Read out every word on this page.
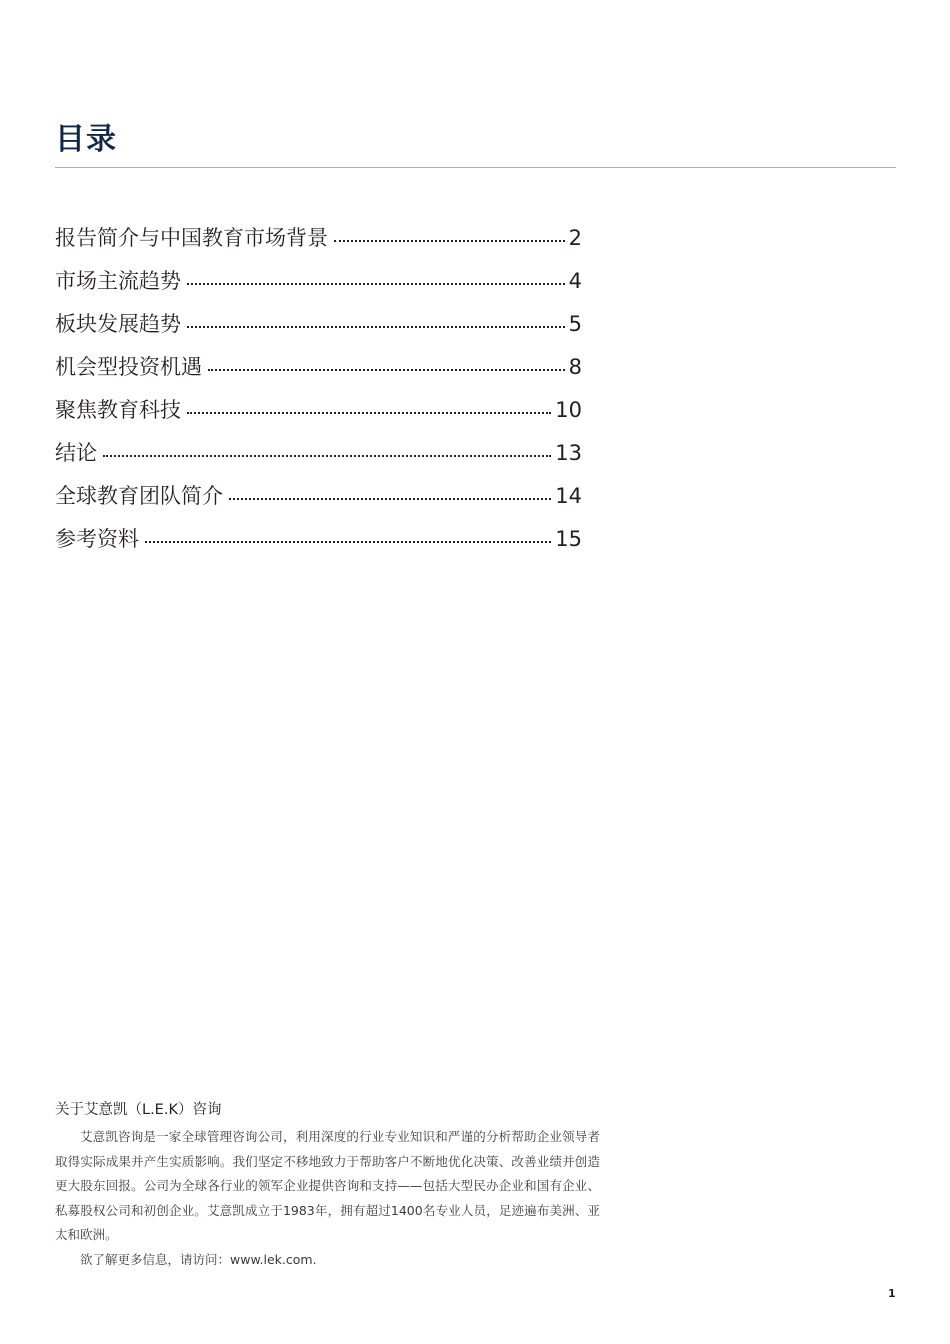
目录
报告简介与中国教育市场背景	2
市场主流趋势	4
板块发展趋势	5
机会型投资机遇	8
聚焦教育科技	10
结论	13
全球教育团队简介	14
参考资料	15
关于艾意凯（L.E.K）咨询

艾意凯咨询是一家全球管理咨询公司，利用深度的行业专业知识和严谨的分析帮助企业领导者取得实际成果并产生实质影响。我们坚定不移地致力于帮助客户不断地优化决策、改善业绩并创造更大股东回报。公司为全球各行业的领军企业提供咨询和支持——包括大型民办企业和国有企业、私募股权公司和初创企业。艾意凯成立于1983年，拥有超过1400名专业人员，足迹遍布美洲、亚太和欧洲。

欲了解更多信息，请访问：www.lek.com.

1
